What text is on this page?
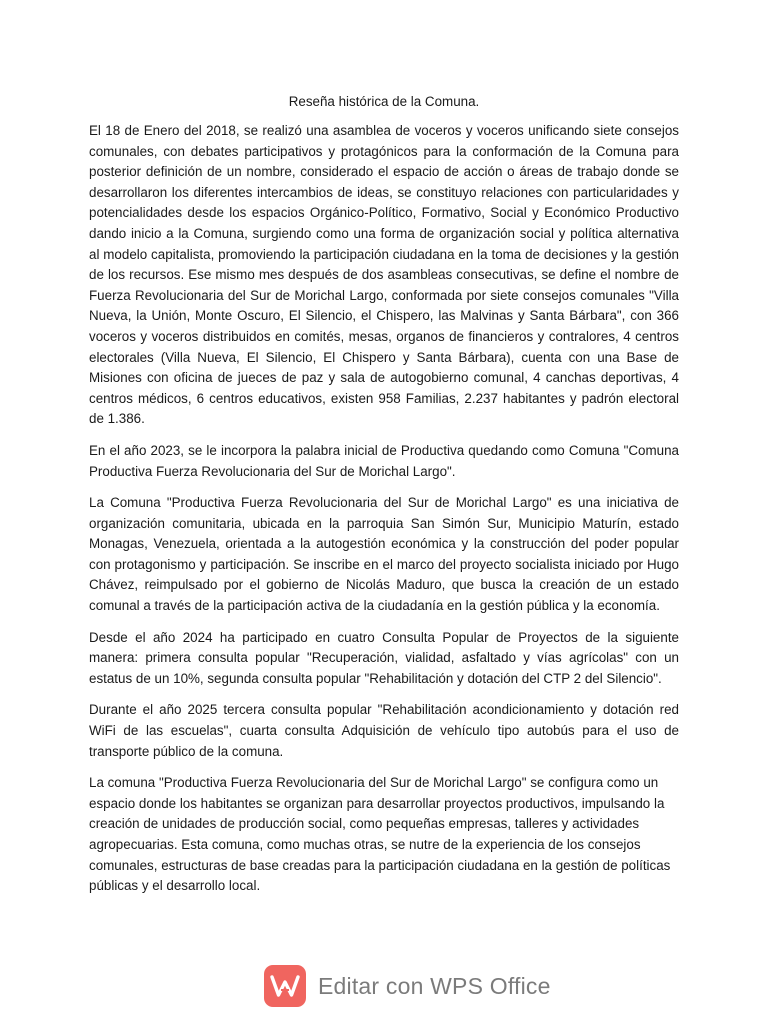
Reseña histórica de la Comuna.

El 18 de Enero del 2018, se realizó una asamblea de voceros y voceros unificando siete consejos comunales, con debates participativos y protagónicos para la conformación de la Comuna para posterior definición de un nombre, considerado el espacio de acción o áreas de trabajo donde se desarrollaron los diferentes intercambios de ideas, se constituyo relaciones con particularidades y potencialidades desde los espacios Orgánico-Político, Formativo, Social y Económico Productivo dando inicio a la Comuna, surgiendo como una forma de organización social y política alternativa al modelo capitalista, promoviendo la participación ciudadana en la toma de decisiones y la gestión de los recursos. Ese mismo mes después de dos asambleas consecutivas, se define el nombre de Fuerza Revolucionaria del Sur de Morichal Largo, conformada por siete consejos comunales "Villa Nueva, la Unión, Monte Oscuro, El Silencio, el Chispero, las Malvinas y Santa Bárbara", con 366 voceros y voceros distribuidos en comités, mesas, organos de financieros y contralores, 4 centros electorales (Villa Nueva, El Silencio, El Chispero y Santa Bárbara), cuenta con una Base de Misiones con oficina de jueces de paz y sala de autogobierno comunal, 4 canchas deportivas, 4 centros médicos, 6 centros educativos, existen 958 Familias, 2.237 habitantes y padrón electoral de 1.386.

En el año 2023, se le incorpora la palabra inicial de Productiva quedando como Comuna "Comuna Productiva Fuerza Revolucionaria del Sur de Morichal Largo".

La Comuna "Productiva Fuerza Revolucionaria del Sur de Morichal Largo" es una iniciativa de organización comunitaria, ubicada en la parroquia San Simón Sur, Municipio Maturín, estado Monagas, Venezuela, orientada a la autogestión económica y la construcción del poder popular con protagonismo y participación. Se inscribe en el marco del proyecto socialista iniciado por Hugo Chávez, reimpulsado por el gobierno de Nicolás Maduro, que busca la creación de un estado comunal a través de la participación activa de la ciudadanía en la gestión pública y la economía.

Desde el año 2024 ha participado en cuatro Consulta Popular de Proyectos de la siguiente manera: primera consulta popular "Recuperación, vialidad, asfaltado y vías agrícolas" con un estatus de un 10%, segunda consulta popular "Rehabilitación y dotación del CTP 2 del Silencio".

Durante el año 2025 tercera consulta popular "Rehabilitación acondicionamiento y dotación red WiFi de las escuelas", cuarta consulta Adquisición de vehículo tipo autobús para el uso de transporte público de la comuna.

La comuna "Productiva Fuerza Revolucionaria del Sur de Morichal Largo" se configura como un espacio donde los habitantes se organizan para desarrollar proyectos productivos, impulsando la creación de unidades de producción social, como pequeñas empresas, talleres y actividades agropecuarias. Esta comuna, como muchas otras, se nutre de la experiencia de los consejos comunales, estructuras de base creadas para la participación ciudadana en la gestión de políticas públicas y el desarrollo local.

Editar con WPS Office
